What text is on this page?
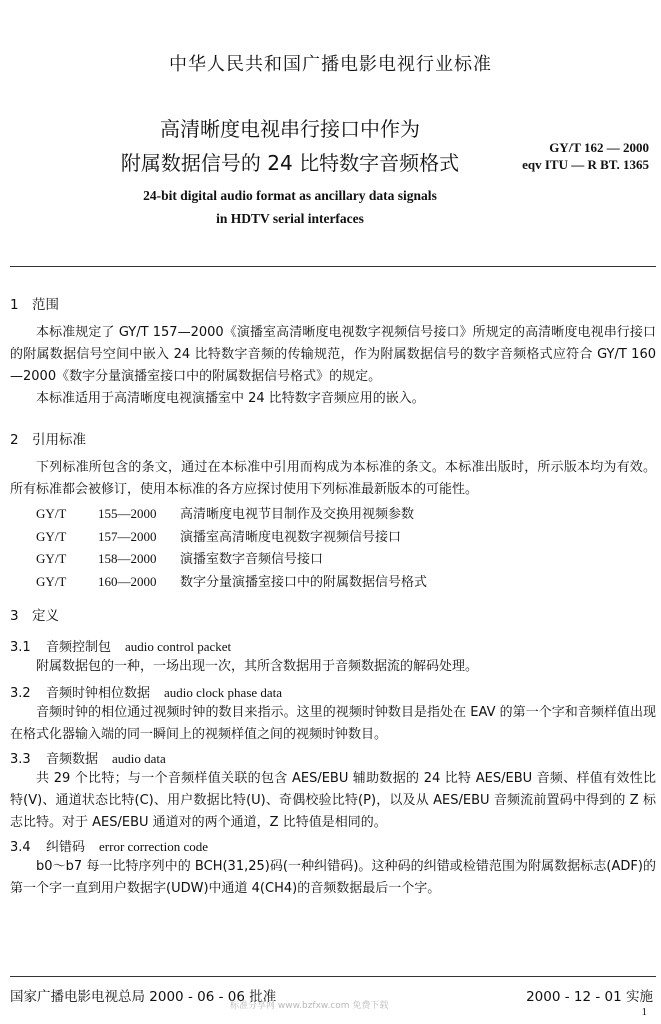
中华人民共和国广播电影电视行业标准
高清晰度电视串行接口中作为
附属数据信号的 24 比特数字音频格式
GY/T 162 — 2000
eqv ITU — R BT. 1365
24-bit digital audio format as ancillary data signals
in HDTV serial interfaces
1 范围
本标准规定了 GY/T 157—2000《演播室高清晰度电视数字视频信号接口》所规定的高清晰度电视串行接口的附属数据信号空间中嵌入 24 比特数字音频的传输规范，作为附属数据信号的数字音频格式应符合 GY/T 160—2000《数字分量演播室接口中的附属数据信号格式》的规定。
本标准适用于高清晰度电视演播室中 24 比特数字音频应用的嵌入。
2 引用标准
下列标准所包含的条文，通过在本标准中引用而构成为本标准的条文。本标准出版时，所示版本均为有效。所有标准都会被修订，使用本标准的各方应探讨使用下列标准最新版本的可能性。
GY/T 155—2000 高清晰度电视节目制作及交换用视频参数
GY/T 157—2000 演播室高清晰度电视数字视频信号接口
GY/T 158—2000 演播室数字音频信号接口
GY/T 160—2000 数字分量演播室接口中的附属数据信号格式
3 定义
3.1 音频控制包 audio control packet
附属数据包的一种，一场出现一次，其所含数据用于音频数据流的解码处理。
3.2 音频时钟相位数据 audio clock phase data
音频时钟的相位通过视频时钟的数目来指示。这里的视频时钟数目是指处在 EAV 的第一个字和音频样值出现在格式化器输入端的同一瞬间上的视频样值之间的视频时钟数目。
3.3 音频数据 audio data
共 29 个比特；与一个音频样值关联的包含 AES/EBU 辅助数据的 24 比特 AES/EBU 音频、样值有效性比特(V)、通道状态比特(C)、用户数据比特(U)、奇偶校验比特(P)，以及从 AES/EBU 音频流前置码中得到的 Z 标志比特。对于 AES/EBU 通道对的两个通道，Z 比特值是相同的。
3.4 纠错码 error correction code
b0～b7 每一比特序列中的 BCH(31,25)码(一种纠错码)。这种码的纠错或检错范围为附属数据标志(ADF)的第一个字一直到用户数据字(UDW)中通道 4(CH4)的音频数据最后一个字。
国家广播电影电视总局 2000 - 06 - 06 批准	2000 - 12 - 01 实施
标准分享网 www.bzfxw.com 免费下载	1
